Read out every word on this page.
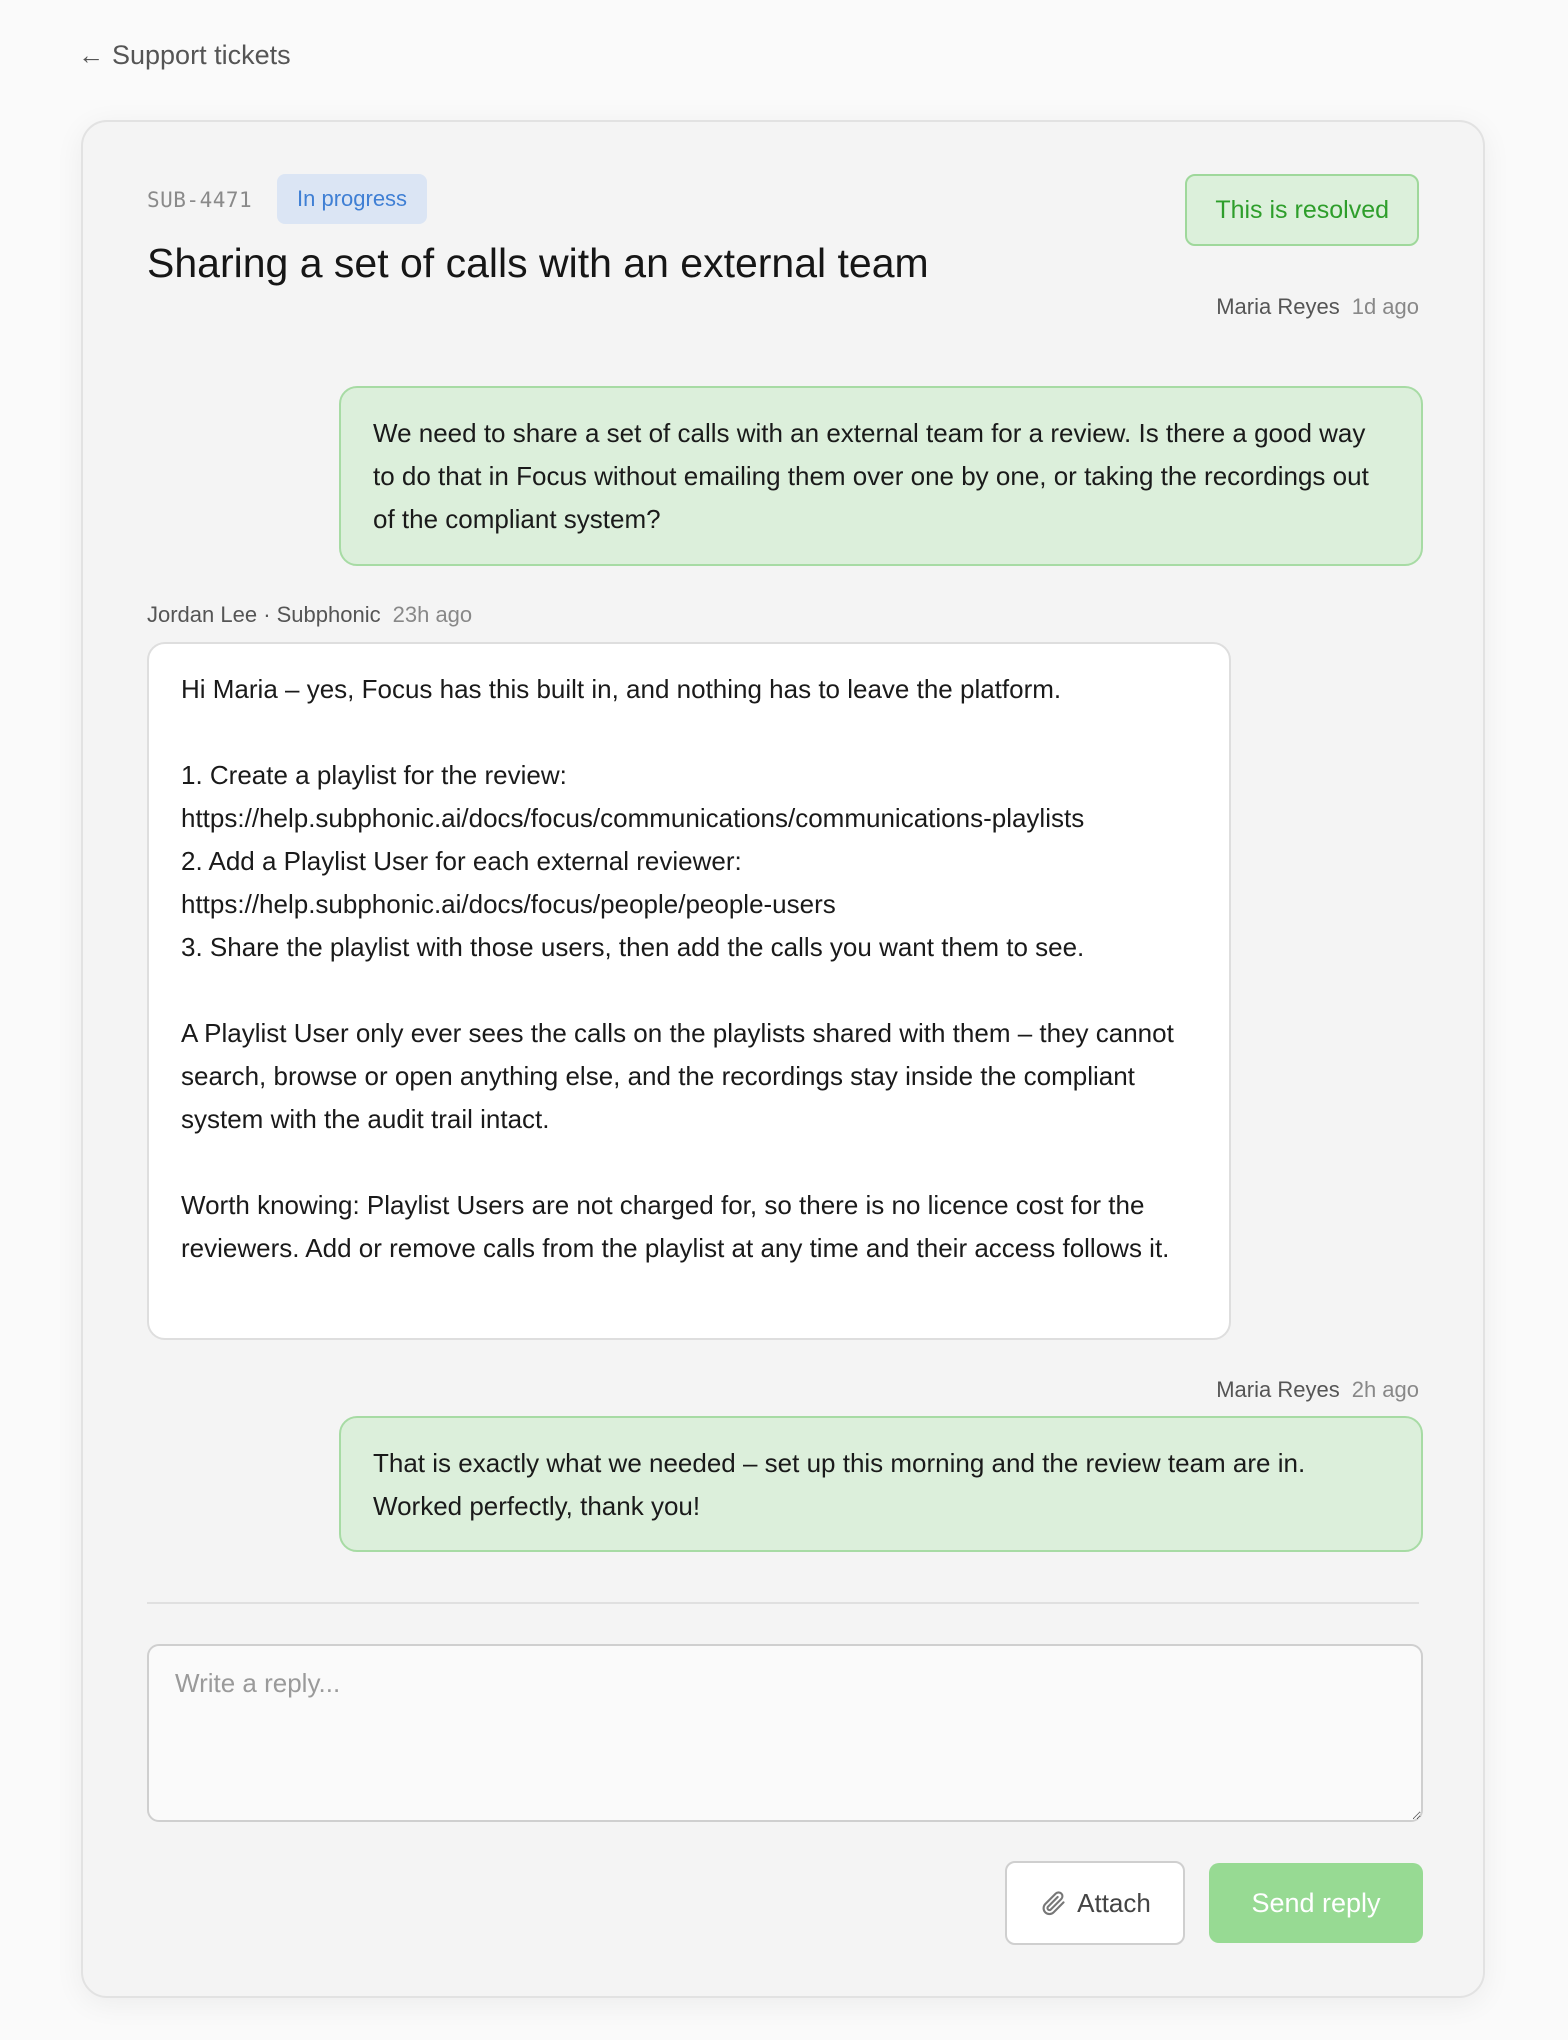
← Support tickets
SUB-4471	In progress	This is resolved
Sharing a set of calls with an external team
Maria Reyes 1d ago
We need to share a set of calls with an external team for a review. Is there a good way to do that in Focus without emailing them over one by one, or taking the recordings out of the compliant system?
Jordan Lee · Subphonic 23h ago
Hi Maria – yes, Focus has this built in, and nothing has to leave the platform.

1. Create a playlist for the review:
https://help.subphonic.ai/docs/focus/communications/communications-playlists
2. Add a Playlist User for each external reviewer:
https://help.subphonic.ai/docs/focus/people/people-users
3. Share the playlist with those users, then add the calls you want them to see.

A Playlist User only ever sees the calls on the playlists shared with them – they cannot search, browse or open anything else, and the recordings stay inside the compliant system with the audit trail intact.

Worth knowing: Playlist Users are not charged for, so there is no licence cost for the reviewers. Add or remove calls from the playlist at any time and their access follows it.
Maria Reyes 2h ago
That is exactly what we needed – set up this morning and the review team are in. Worked perfectly, thank you!
Write a reply...
Attach	Send reply
